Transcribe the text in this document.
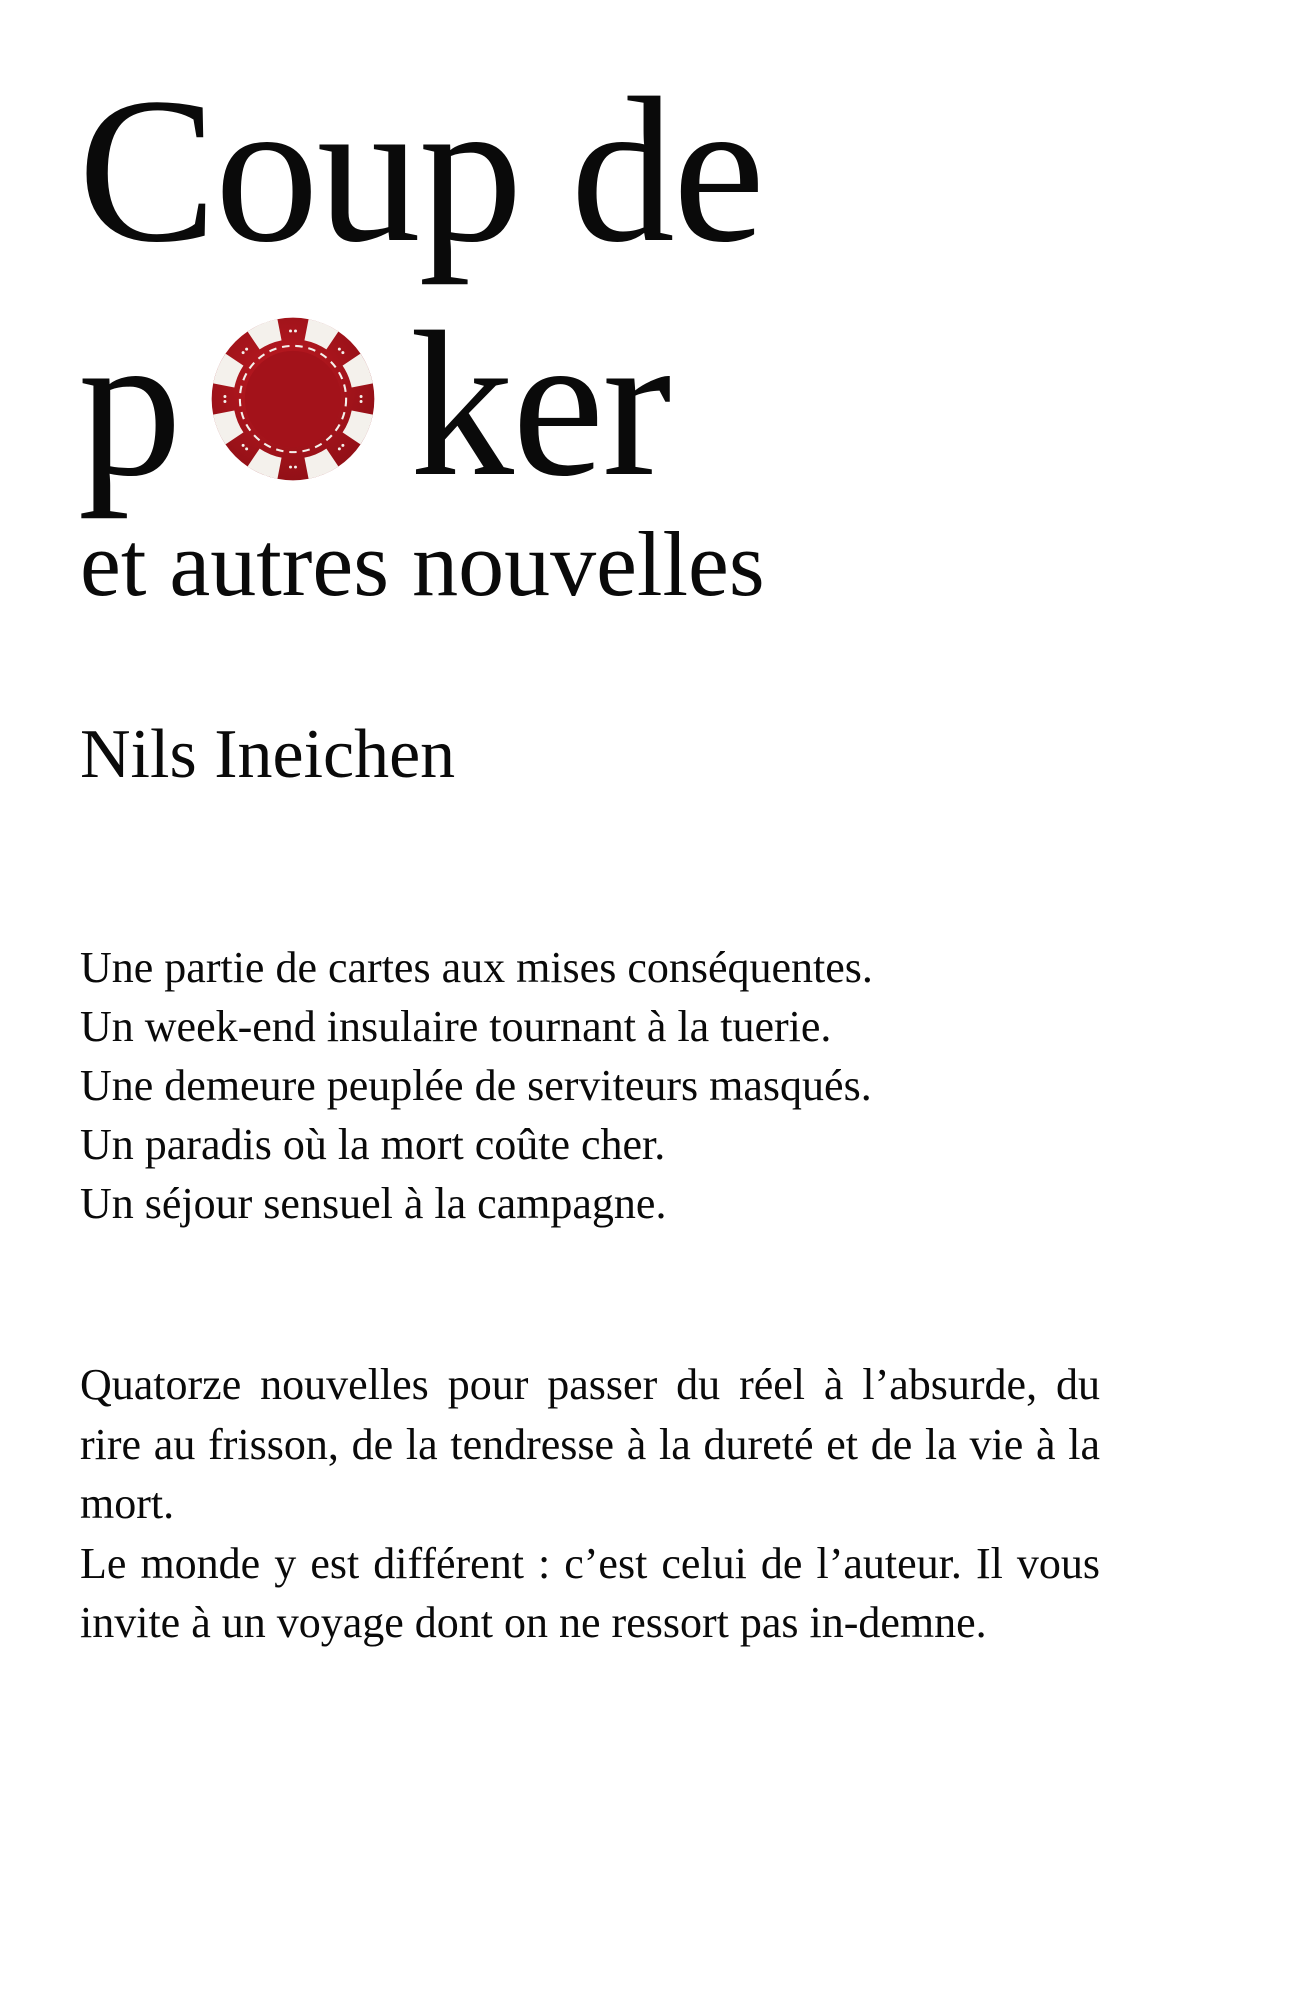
Coup de
p ker
et autres nouvelles
Nils Ineichen
Une partie de cartes aux mises conséquentes.
Un week-end insulaire tournant à la tuerie.
Une demeure peuplée de serviteurs masqués.
Un paradis où la mort coûte cher.
Un séjour sensuel à la campagne.

Quatorze nouvelles pour passer du réel à l’absurde, du rire au frisson, de la tendresse à la dureté et de la vie à la mort.

Le monde y est différent : c’est celui de l’auteur. Il vous invite à un voyage dont on ne ressort pas in-demne.
